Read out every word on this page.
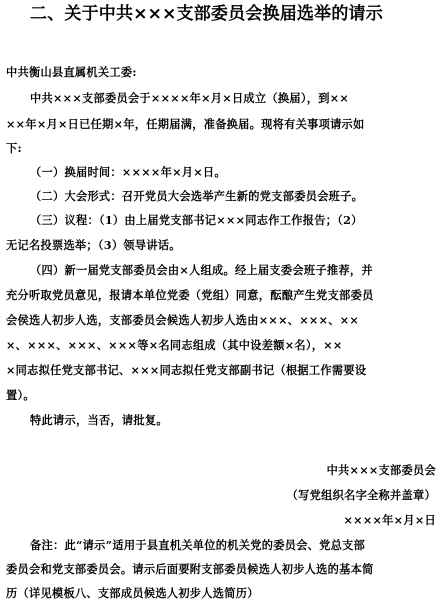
二、关于中共×××支部委员会换届选举的请示
中共衡山县直属机关工委:
中共×××支部委员会于××××年×月×日成立（换届），到××
××年×月×日已任期×年，任期届满，准备换届。现将有关事项请示如
下:
（一）换届时间：××××年×月×日。
（二）大会形式：召开党员大会选举产生新的党支部委员会班子。
（三）议程：（1）由上届党支部书记×××同志作工作报告；（2）
无记名投票选举；（3）领导讲话。
（四）新一届党支部委员会由×人组成。经上届支委会班子推荐，并
充分听取党员意见，报请本单位党委（党组）同意，酝酿产生党支部委员
会侯选人初步人选，支部委员会候选人初步人选由×××、×××、××
×、×××、×××、×××等×名同志组成（其中设差额×名），××
×同志拟任党支部书记、×××同志拟任党支部副书记（根据工作需要设
置）。
特此请示，当否，请批复。
中共×××支部委员会
（写党组织名字全称并盖章）
××××年×月×日
备注：此“请示”适用于县直机关单位的机关党的委员会、党总支部
委员会和党支部委员会。请示后面要附支部委员候选人初步人选的基本简
历（详见模板八、支部成员候选人初步人选简历）
